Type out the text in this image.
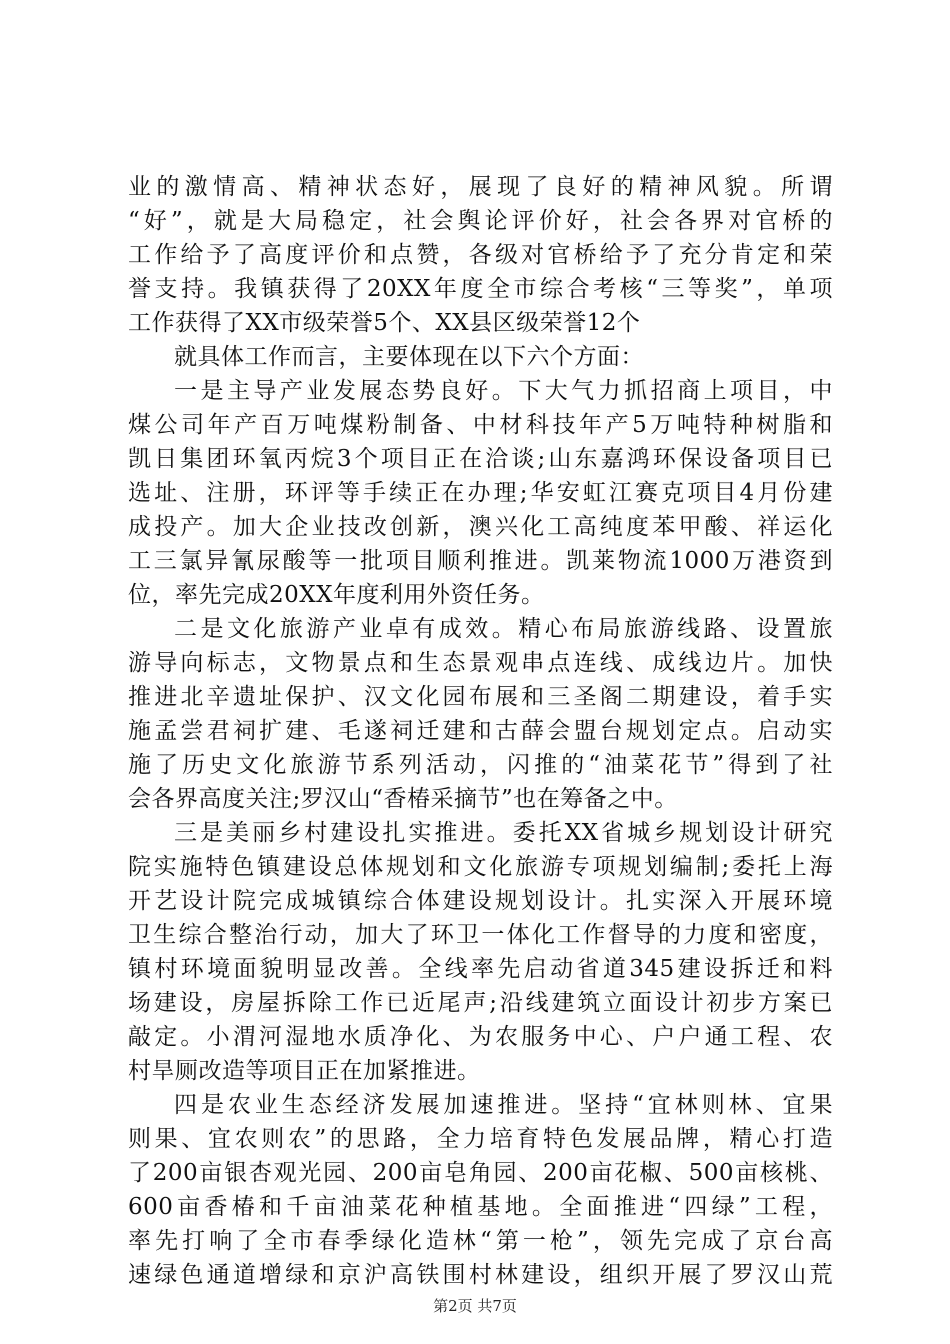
业的激情高、精神状态好，展现了良好的精神风貌。所谓
“好”，就是大局稳定，社会舆论评价好，社会各界对官桥的
工作给予了高度评价和点赞，各级对官桥给予了充分肯定和荣
誉支持。我镇获得了20XX年度全市综合考核“三等奖”，单项
工作获得了XX市级荣誉5个、XX县区级荣誉12个
就具体工作而言，主要体现在以下六个方面：
一是主导产业发展态势良好。下大气力抓招商上项目，中
煤公司年产百万吨煤粉制备、中材科技年产5万吨特种树脂和
凯日集团环氧丙烷3个项目正在洽谈;山东嘉鸿环保设备项目已
选址、注册，环评等手续正在办理;华安虹江赛克项目4月份建
成投产。加大企业技改创新，澳兴化工高纯度苯甲酸、祥运化
工三氯异氰尿酸等一批项目顺利推进。凯莱物流1000万港资到
位，率先完成20XX年度利用外资任务。
二是文化旅游产业卓有成效。精心布局旅游线路、设置旅
游导向标志，文物景点和生态景观串点连线、成线边片。加快
推进北辛遗址保护、汉文化园布展和三圣阁二期建设，着手实
施孟尝君祠扩建、毛遂祠迁建和古薛会盟台规划定点。启动实
施了历史文化旅游节系列活动，闪推的“油菜花节”得到了社
会各界高度关注;罗汉山“香椿采摘节”也在筹备之中。
三是美丽乡村建设扎实推进。委托XX省城乡规划设计研究
院实施特色镇建设总体规划和文化旅游专项规划编制;委托上海
开艺设计院完成城镇综合体建设规划设计。扎实深入开展环境
卫生综合整治行动，加大了环卫一体化工作督导的力度和密度，
镇村环境面貌明显改善。全线率先启动省道345建设拆迁和料
场建设，房屋拆除工作已近尾声;沿线建筑立面设计初步方案已
敲定。小渭河湿地水质净化、为农服务中心、户户通工程、农
村旱厕改造等项目正在加紧推进。
四是农业生态经济发展加速推进。坚持“宜林则林、宜果
则果、宜农则农”的思路，全力培育特色发展品牌，精心打造
了200亩银杏观光园、200亩皂角园、200亩花椒、500亩核桃、
600亩香椿和千亩油菜花种植基地。全面推进“四绿”工程，
率先打响了全市春季绿化造林“第一枪”，领先完成了京台高
速绿色通道增绿和京沪高铁围村林建设，组织开展了罗汉山荒
第2页 共7页
